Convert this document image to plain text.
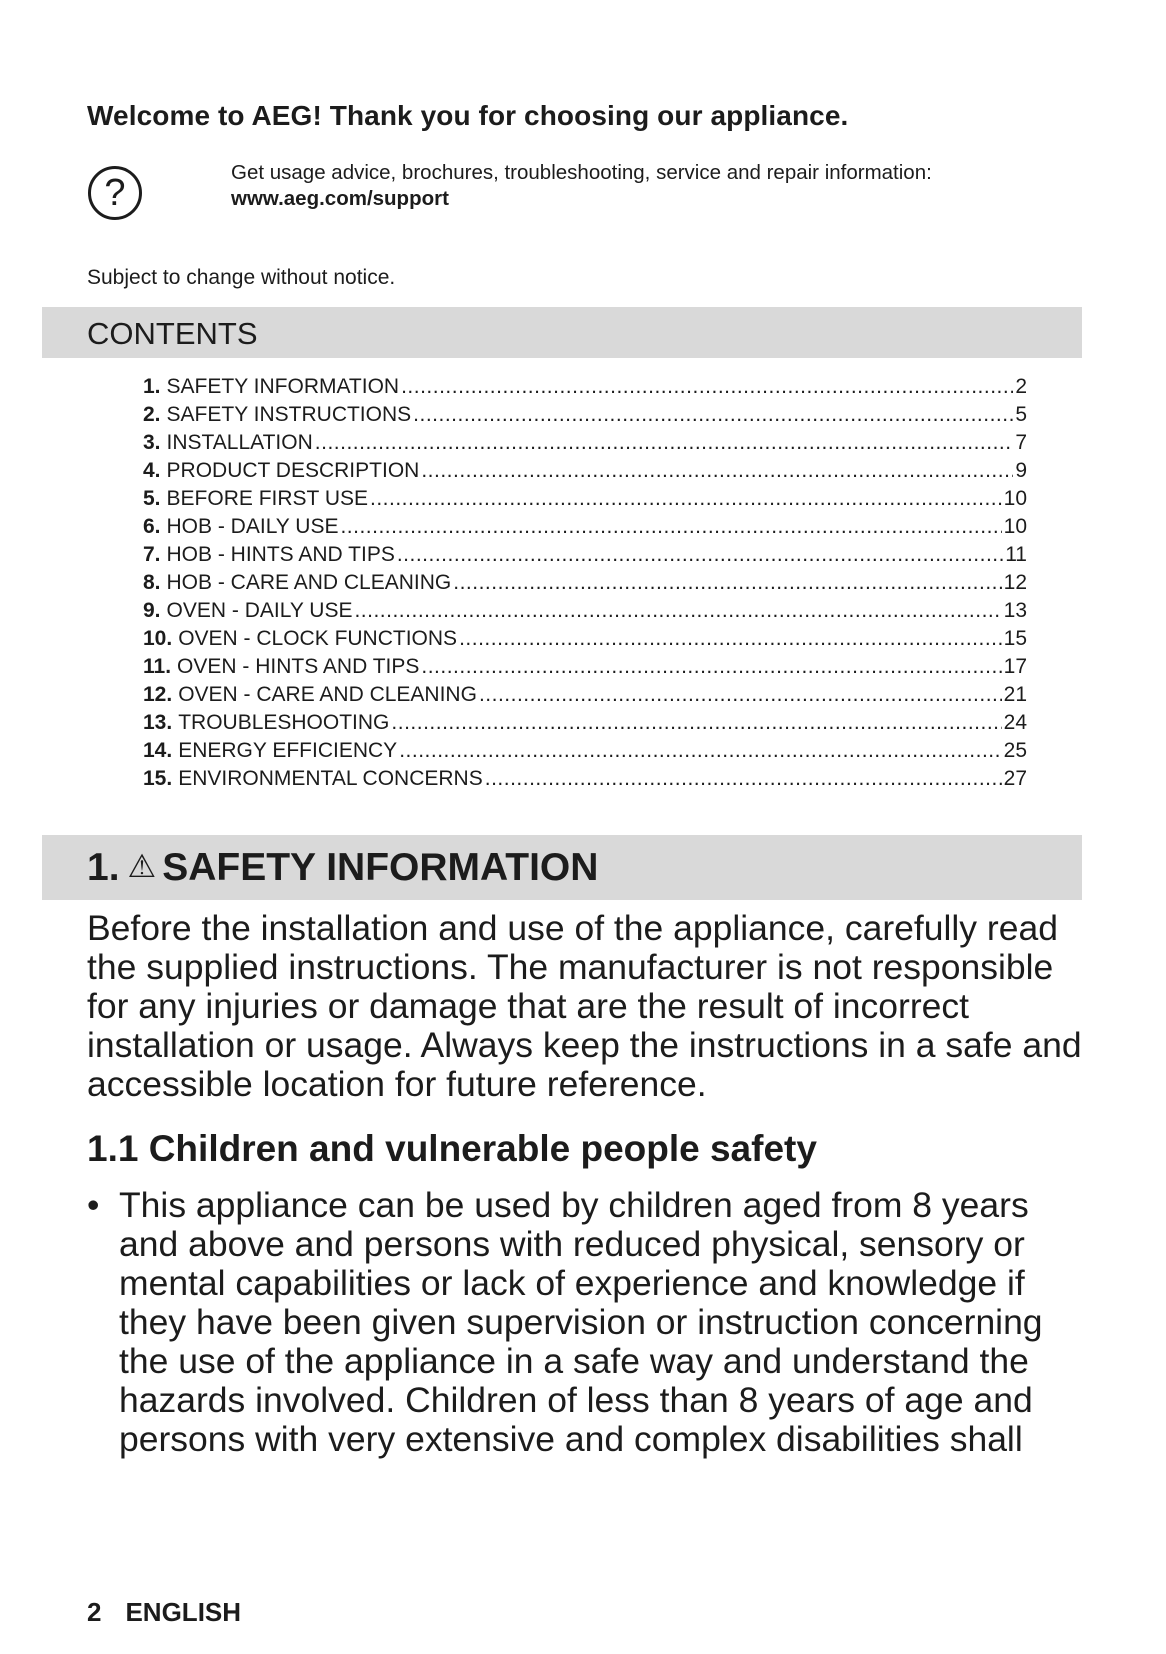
Welcome to AEG! Thank you for choosing our appliance.
?	Get usage advice, brochures, troubleshooting, service and repair information:
www.aeg.com/support
Subject to change without notice.
CONTENTS
1. SAFETY INFORMATION .....	2
2. SAFETY INSTRUCTIONS .....	5
3. INSTALLATION .....	7
4. PRODUCT DESCRIPTION .....	9
5. BEFORE FIRST USE .....	10
6. HOB - DAILY USE .....	10
7. HOB - HINTS AND TIPS .....	11
8. HOB - CARE AND CLEANING .....	12
9. OVEN - DAILY USE .....	13
10. OVEN - CLOCK FUNCTIONS .....	15
11. OVEN - HINTS AND TIPS .....	17
12. OVEN - CARE AND CLEANING .....	21
13. TROUBLESHOOTING .....	24
14. ENERGY EFFICIENCY .....	25
15. ENVIRONMENTAL CONCERNS .....	27
1. ⚠ SAFETY INFORMATION

Before the installation and use of the appliance, carefully read the supplied instructions. The manufacturer is not responsible for any injuries or damage that are the result of incorrect installation or usage. Always keep the instructions in a safe and accessible location for future reference.

1.1 Children and vulnerable people safety
• This appliance can be used by children aged from 8 years and above and persons with reduced physical, sensory or mental capabilities or lack of experience and knowledge if they have been given supervision or instruction concerning the use of the appliance in a safe way and understand the hazards involved. Children of less than 8 years of age and persons with very extensive and complex disabilities shall
2 ENGLISH
